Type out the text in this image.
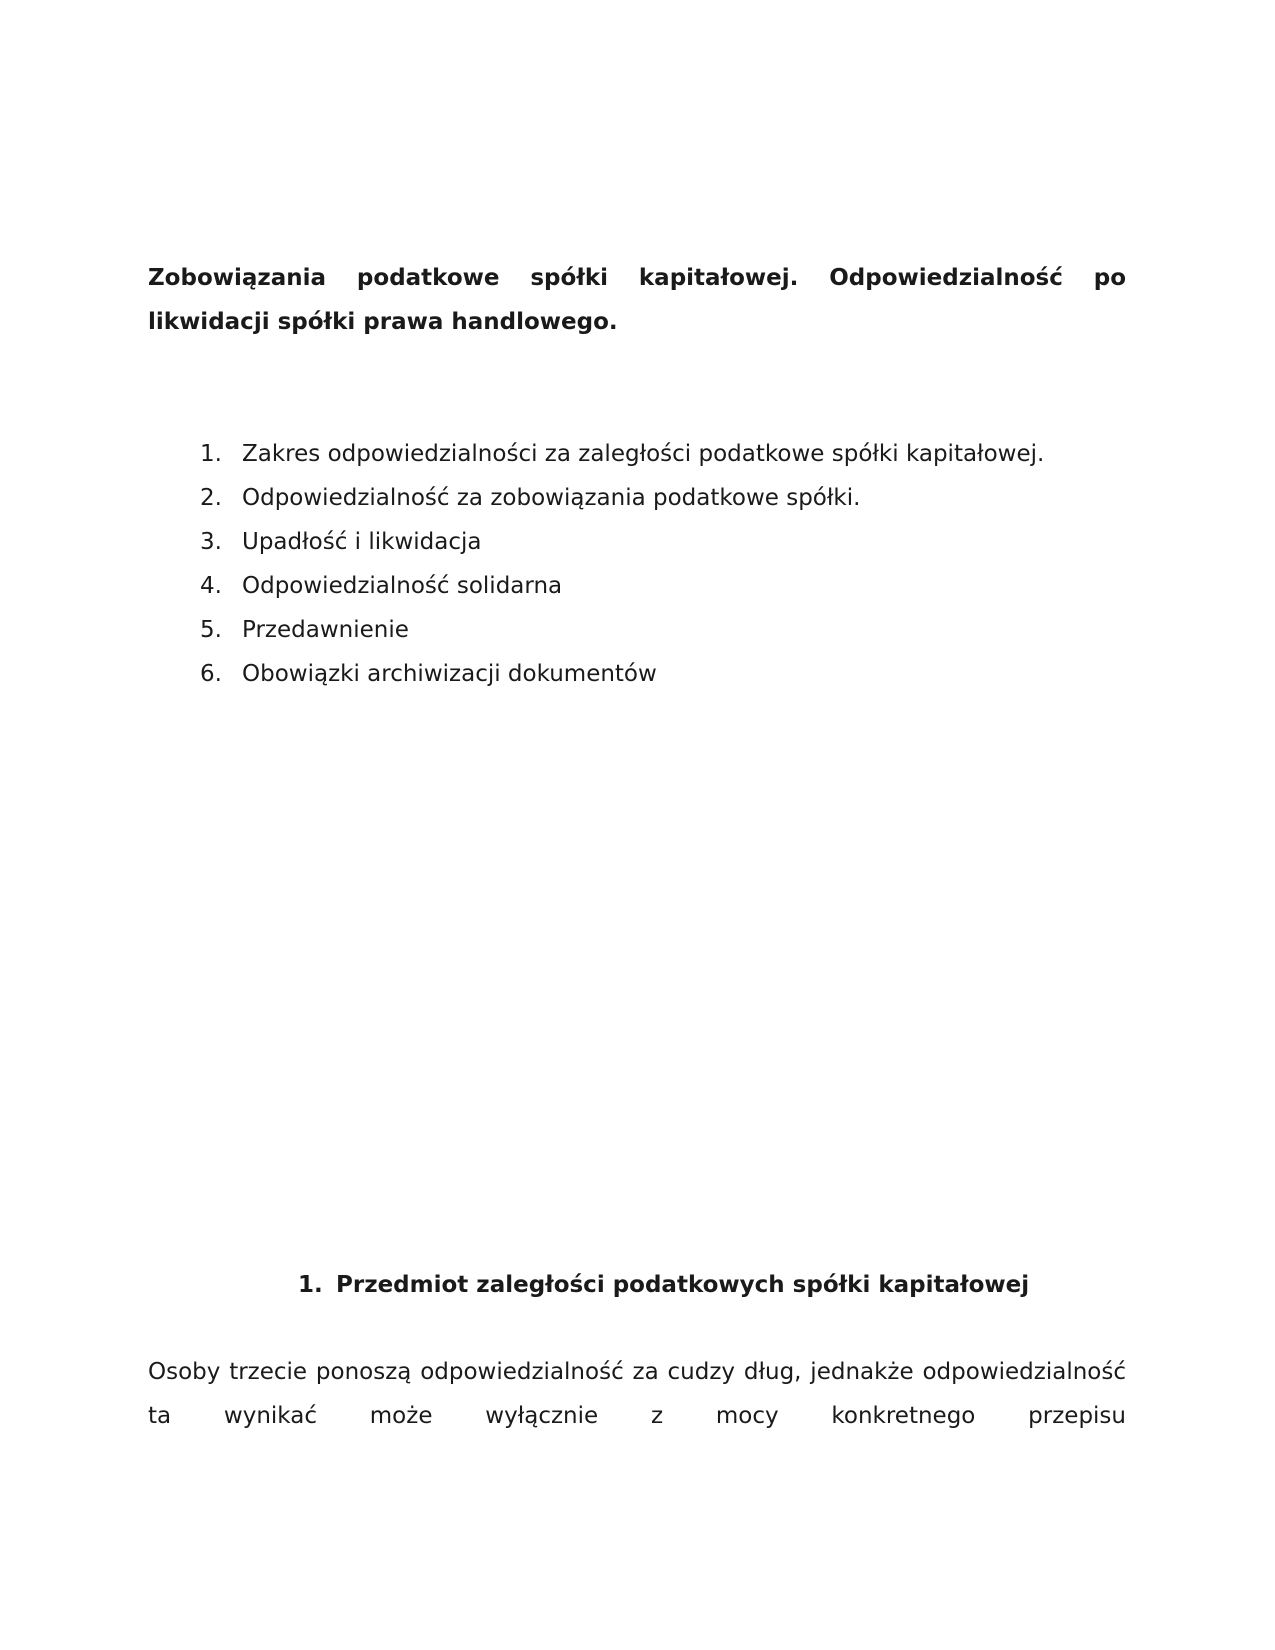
Zobowiązania podatkowe spółki kapitałowej. Odpowiedzialność po likwidacji spółki prawa handlowego.
1. Zakres odpowiedzialności za zaległości podatkowe spółki kapitałowej.
2. Odpowiedzialność za zobowiązania podatkowe spółki.
3. Upadłość i likwidacja
4. Odpowiedzialność solidarna
5. Przedawnienie
6. Obowiązki archiwizacji dokumentów
1. Przedmiot zaległości podatkowych spółki kapitałowej

Osoby trzecie ponoszą odpowiedzialność za cudzy dług, jednakże odpowiedzialność ta wynikać może wyłącznie z mocy konkretnego przepisu
